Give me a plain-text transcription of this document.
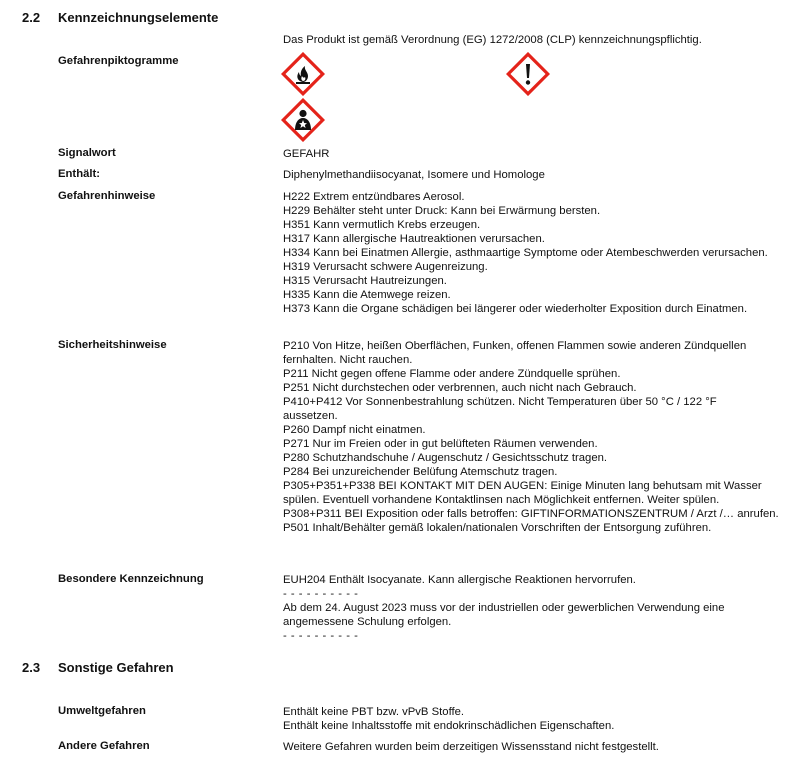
2.2 Kennzeichnungselemente
Das Produkt ist gemäß Verordnung (EG) 1272/2008 (CLP) kennzeichnungspflichtig.
Gefahrenpiktogramme
Signalwort	GEFAHR
Enthält:	Diphenylmethandiisocyanat, Isomere und Homologe
Gefahrenhinweise	H222 Extrem entzündbares Aerosol.
H229 Behälter steht unter Druck: Kann bei Erwärmung bersten.
H351 Kann vermutlich Krebs erzeugen.
H317 Kann allergische Hautreaktionen verursachen.
H334 Kann bei Einatmen Allergie, asthmaartige Symptome oder Atembeschwerden verursachen.
H319 Verursacht schwere Augenreizung.
H315 Verursacht Hautreizungen.
H335 Kann die Atemwege reizen.
H373 Kann die Organe schädigen bei längerer oder wiederholter Exposition durch Einatmen.
Sicherheitshinweise	P210 Von Hitze, heißen Oberflächen, Funken, offenen Flammen sowie anderen Zündquellen fernhalten. Nicht rauchen.
P211 Nicht gegen offene Flamme oder andere Zündquelle sprühen.
P251 Nicht durchstechen oder verbrennen, auch nicht nach Gebrauch.
P410+P412 Vor Sonnenbestrahlung schützen. Nicht Temperaturen über 50 °C / 122 °F aussetzen.
P260 Dampf nicht einatmen.
P271 Nur im Freien oder in gut belüfteten Räumen verwenden.
P280 Schutzhandschuhe / Augenschutz / Gesichtsschutz tragen.
P284 Bei unzureichender Belüfung Atemschutz tragen.
P305+P351+P338 BEI KONTAKT MIT DEN AUGEN: Einige Minuten lang behutsam mit Wasser spülen. Eventuell vorhandene Kontaktlinsen nach Möglichkeit entfernen. Weiter spülen.
P308+P311 BEI Exposition oder falls betroffen: GIFTINFORMATIONSZENTRUM / Arzt /… anrufen.
P501 Inhalt/Behälter gemäß lokalen/nationalen Vorschriften der Entsorgung zuführen.
Besondere Kennzeichnung	EUH204 Enthält Isocyanate. Kann allergische Reaktionen hervorrufen.
- - - - - - - - - -
Ab dem 24. August 2023 muss vor der industriellen oder gewerblichen Verwendung eine angemessene Schulung erfolgen.
- - - - - - - - - -
2.3 Sonstige Gefahren
Umweltgefahren	Enthält keine PBT bzw. vPvB Stoffe.
Enthält keine Inhaltsstoffe mit endokrinschädlichen Eigenschaften.
Andere Gefahren	Weitere Gefahren wurden beim derzeitigen Wissensstand nicht festgestellt.
